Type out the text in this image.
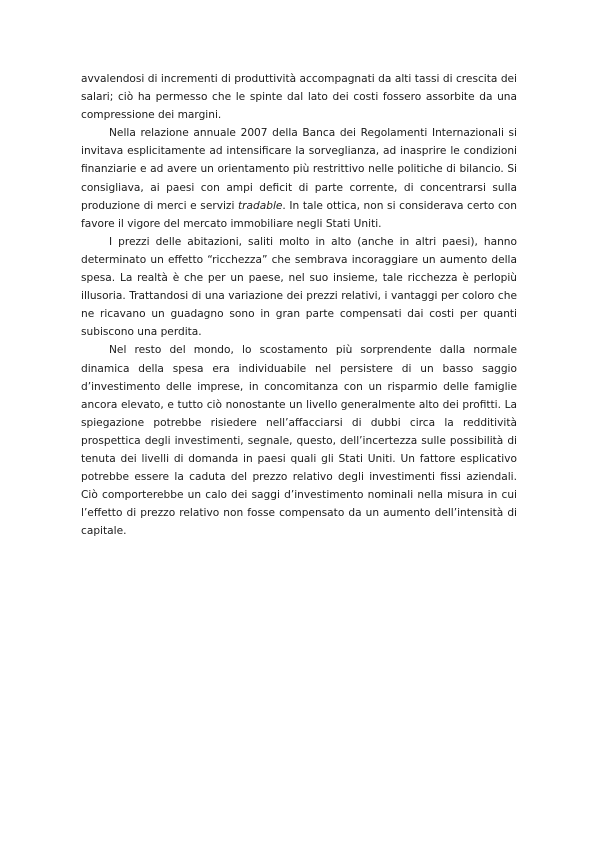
avvalendosi di incrementi di produttività accompagnati da alti tassi di crescita dei salari; ciò ha permesso che le spinte dal lato dei costi fossero assorbite da una compressione dei margini.

Nella relazione annuale 2007 della Banca dei Regolamenti Internazionali si invitava esplicitamente ad intensificare la sorveglianza, ad inasprire le condizioni finanziarie e ad avere un orientamento più restrittivo nelle politiche di bilancio. Si consigliava, ai paesi con ampi deficit di parte corrente, di concentrarsi sulla produzione di merci e servizi tradable. In tale ottica, non si considerava certo con favore il vigore del mercato immobiliare negli Stati Uniti.

I prezzi delle abitazioni, saliti molto in alto (anche in altri paesi), hanno determinato un effetto “ricchezza” che sembrava incoraggiare un aumento della spesa. La realtà è che per un paese, nel suo insieme, tale ricchezza è perlopiù illusoria. Trattandosi di una variazione dei prezzi relativi, i vantaggi per coloro che ne ricavano un guadagno sono in gran parte compensati dai costi per quanti subiscono una perdita.

Nel resto del mondo, lo scostamento più sorprendente dalla normale dinamica della spesa era individuabile nel persistere di un basso saggio d’investimento delle imprese, in concomitanza con un risparmio delle famiglie ancora elevato, e tutto ciò nonostante un livello generalmente alto dei profitti. La spiegazione potrebbe risiedere nell’affacciarsi di dubbi circa la redditività prospettica degli investimenti, segnale, questo, dell’incertezza sulle possibilità di tenuta dei livelli di domanda in paesi quali gli Stati Uniti. Un fattore esplicativo potrebbe essere la caduta del prezzo relativo degli investimenti fissi aziendali. Ciò comporterebbe un calo dei saggi d’investimento nominali nella misura in cui l’effetto di prezzo relativo non fosse compensato da un aumento dell’intensità di capitale.
